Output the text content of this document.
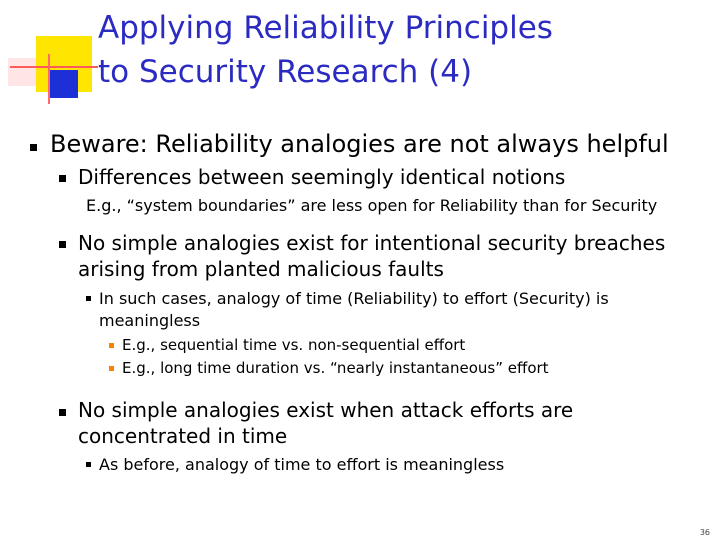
Applying Reliability Principles
to Security Research (4)
Beware: Reliability analogies are not always helpful
Differences between seemingly identical notions
E.g., “system boundaries” are less open for Reliability than for Security
No simple analogies exist for intentional security breaches
arising from planted malicious faults
In such cases, analogy of time (Reliability) to effort (Security) is
meaningless
E.g., sequential time vs. non-sequential effort
E.g., long time duration vs. “nearly instantaneous” effort
No simple analogies exist when attack efforts are
concentrated in time
As before, analogy of time to effort is meaningless
36
